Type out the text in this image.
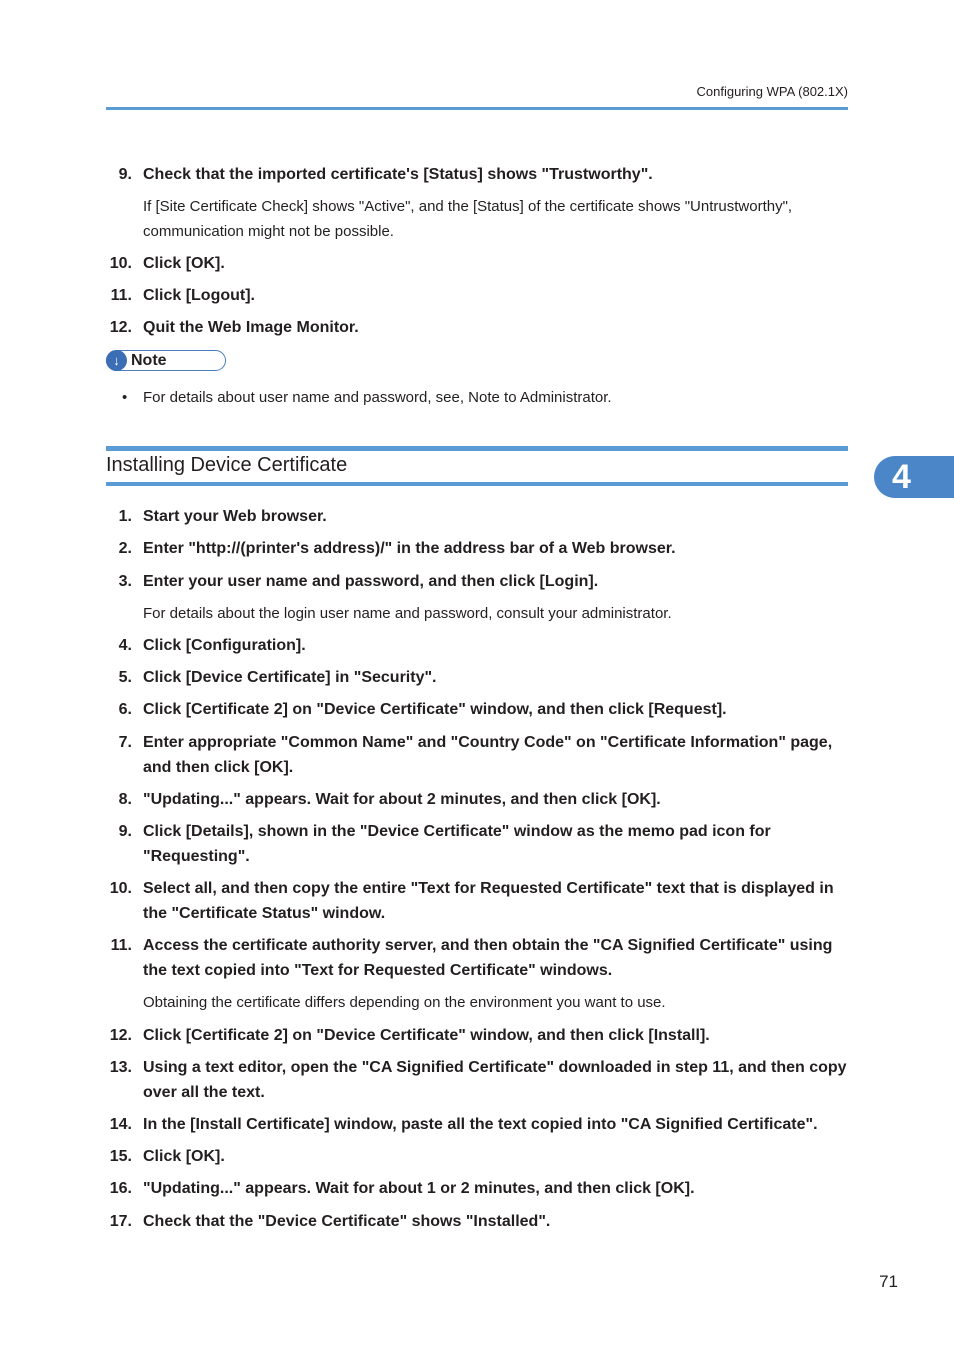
Configuring WPA (802.1X)
9. Check that the imported certificate's [Status] shows "Trustworthy".
If [Site Certificate Check] shows "Active", and the [Status] of the certificate shows "Untrustworthy", communication might not be possible.
10. Click [OK].
11. Click [Logout].
12. Quit the Web Image Monitor.
↓ Note
• For details about user name and password, see, Note to Administrator.
Installing Device Certificate	4
1. Start your Web browser.
2. Enter "http://(printer's address)/" in the address bar of a Web browser.
3. Enter your user name and password, and then click [Login].
For details about the login user name and password, consult your administrator.
4. Click [Configuration].
5. Click [Device Certificate] in "Security".
6. Click [Certificate 2] on "Device Certificate" window, and then click [Request].
7. Enter appropriate "Common Name" and "Country Code" on "Certificate Information" page, and then click [OK].
8. "Updating..." appears. Wait for about 2 minutes, and then click [OK].
9. Click [Details], shown in the "Device Certificate" window as the memo pad icon for "Requesting".
10. Select all, and then copy the entire "Text for Requested Certificate" text that is displayed in the "Certificate Status" window.
11. Access the certificate authority server, and then obtain the "CA Signified Certificate" using the text copied into "Text for Requested Certificate" windows.
Obtaining the certificate differs depending on the environment you want to use.
12. Click [Certificate 2] on "Device Certificate" window, and then click [Install].
13. Using a text editor, open the "CA Signified Certificate" downloaded in step 11, and then copy over all the text.
14. In the [Install Certificate] window, paste all the text copied into "CA Signified Certificate".
15. Click [OK].
16. "Updating..." appears. Wait for about 1 or 2 minutes, and then click [OK].
17. Check that the "Device Certificate" shows "Installed".
71
